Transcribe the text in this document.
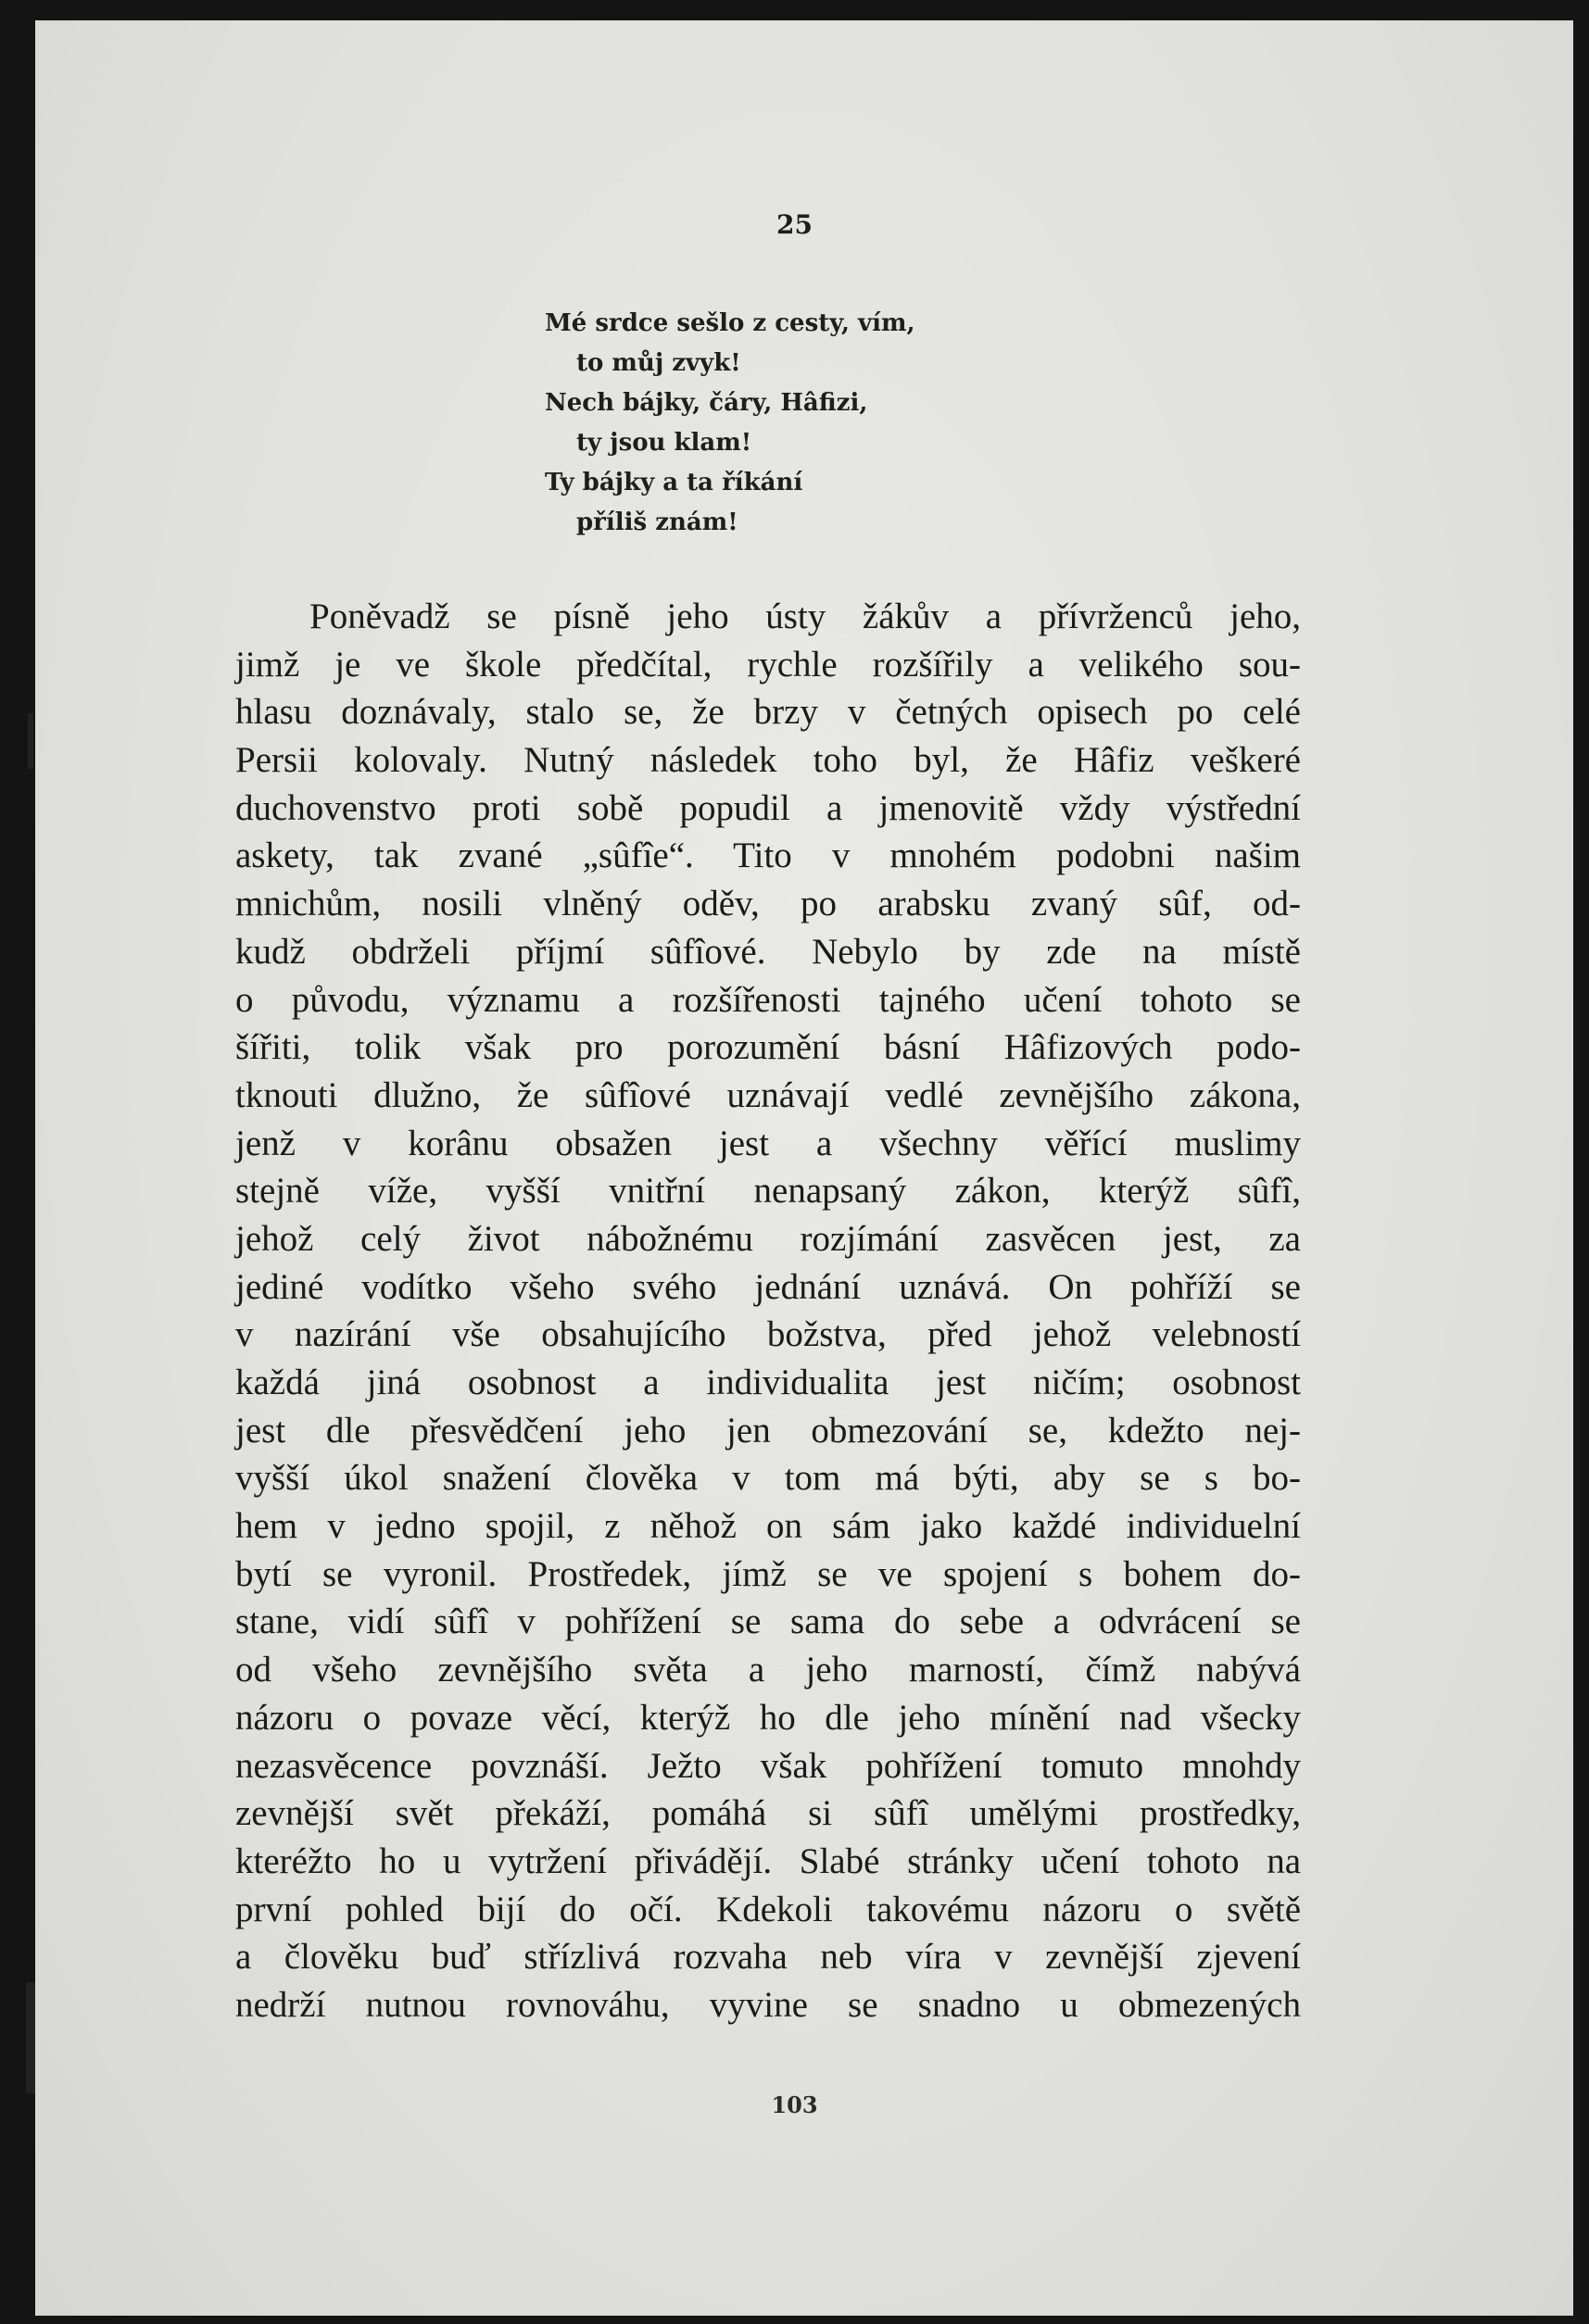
25

Mé srdce sešlo z cesty, vím,
to můj zvyk!
Nech bájky, čáry, Hâfizi,
ty jsou klam!
Ty bájky a ta říkání
příliš znám!
Poněvadž se písně jeho ústy žákův a přívrženců jeho,
jimž je ve škole předčítal, rychle rozšířily a velikého sou-
hlasu doznávaly, stalo se, že brzy v četných opisech po celé
Persii kolovaly. Nutný následek toho byl, že Hâfiz veškeré
duchovenstvo proti sobě popudil a jmenovitě vždy výstřední
askety, tak zvané „sûfîe“. Tito v mnohém podobni našim
mnichům, nosili vlněný oděv, po arabsku zvaný sûf, od-
kudž obdrželi příjmí sûfîové. Nebylo by zde na místě
o původu, významu a rozšířenosti tajného učení tohoto se
šířiti, tolik však pro porozumění básní Hâfizových podo-
tknouti dlužno, že sûfîové uznávají vedlé zevnějšího zákona,
jenž v korânu obsažen jest a všechny věřící muslimy
stejně víže, vyšší vnitřní nenapsaný zákon, kterýž sûfî,
jehož celý život nábožnému rozjímání zasvěcen jest, za
jediné vodítko všeho svého jednání uznává. On pohříží se
v nazírání vše obsahujícího božstva, před jehož velebností
každá jiná osobnost a individualita jest ničím; osobnost
jest dle přesvědčení jeho jen obmezování se, kdežto nej-
vyšší úkol snažení člověka v tom má býti, aby se s bo-
hem v jedno spojil, z něhož on sám jako každé individuelní
bytí se vyronil. Prostředek, jímž se ve spojení s bohem do-
stane, vidí sûfî v pohřížení se sama do sebe a odvrácení se
od všeho zevnějšího světa a jeho marností, čímž nabývá
názoru o povaze věcí, kterýž ho dle jeho mínění nad všecky
nezasvěcence povznáší. Ježto však pohřížení tomuto mnohdy
zevnější svět překáží, pomáhá si sûfî umělými prostředky,
kteréžto ho u vytržení přivádějí. Slabé stránky učení tohoto na
první pohled bijí do očí. Kdekoli takovému názoru o světě
a člověku buď střízlivá rozvaha neb víra v zevnější zjevení
nedrží nutnou rovnováhu, vyvine se snadno u obmezených

103
